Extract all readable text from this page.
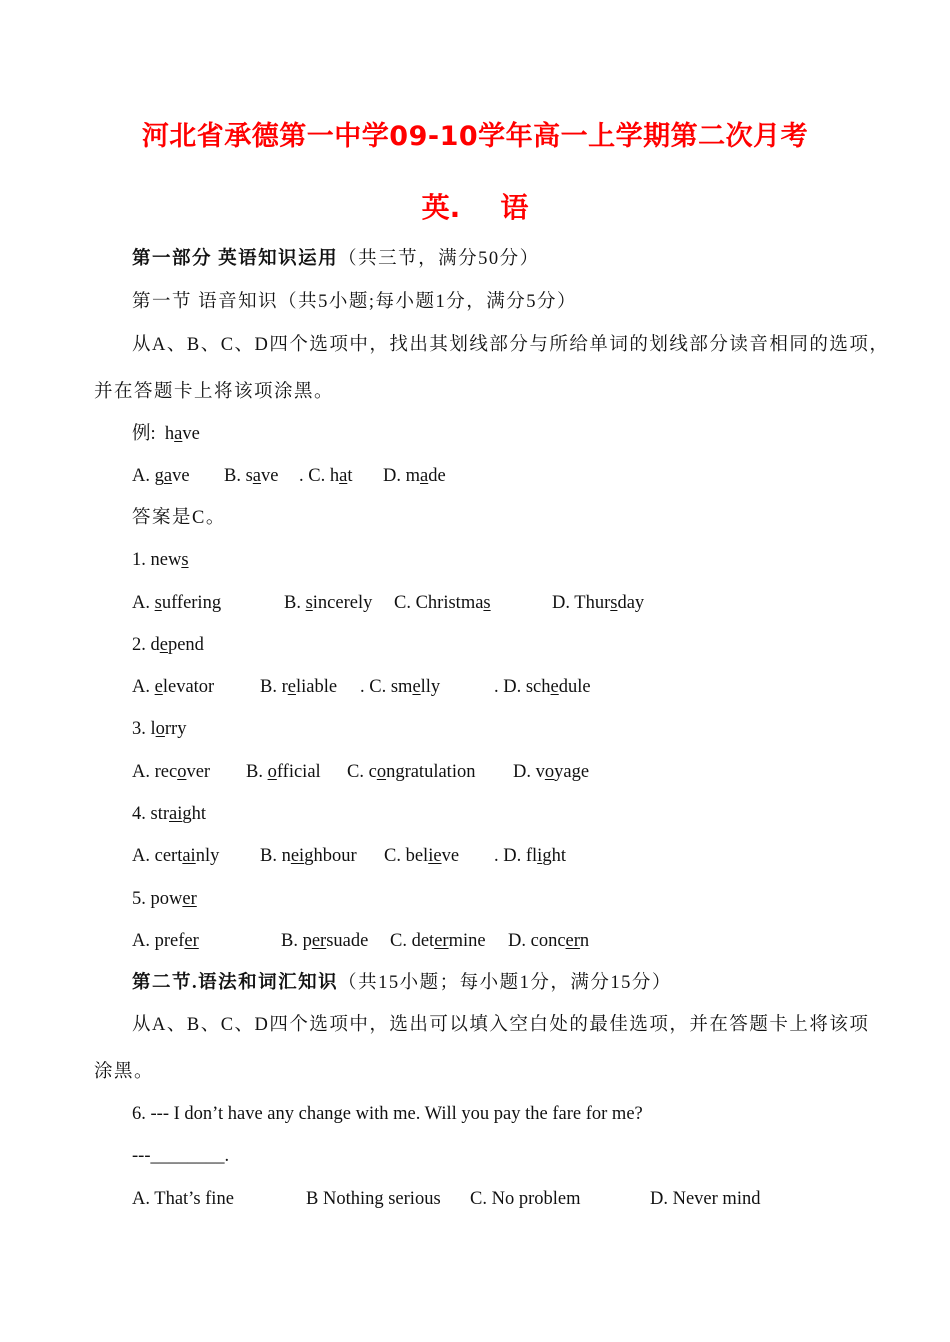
河北省承德第一中学09-10学年高一上学期第二次月考
英. 语
第一部分 英语知识运用（共三节，满分50分）
第一节 语音知识（共5小题;每小题1分，满分5分）
从A、B、C、D四个选项中，找出其划线部分与所给单词的划线部分读音相同的选项，
并在答题卡上将该项涂黑。
例: have
A. gave B. save . C. hat D. made
答案是C。
1. news
A. suffering	B. sincerely C. Christmas	D. Thursday
2. depend
A. elevator B. reliable . C. smelly	. D. schedule
3. lorry
A. recover B. official C. congratulation D. voyage
4. straight
A. certainly B. neighbour C. believe . D. flight
5. power
A. prefer	B. persuade C. determine D. concern
第二节.语法和词汇知识（共15小题；每小题1分，满分15分）
从A、B、C、D四个选项中，选出可以填入空白处的最佳选项，并在答题卡上将该项
涂黑。
6. --- I don’t have any change with me. Will you pay the fare for me?
---________.
A. That’s fine	B Nothing serious C. No problem	D. Never mind
